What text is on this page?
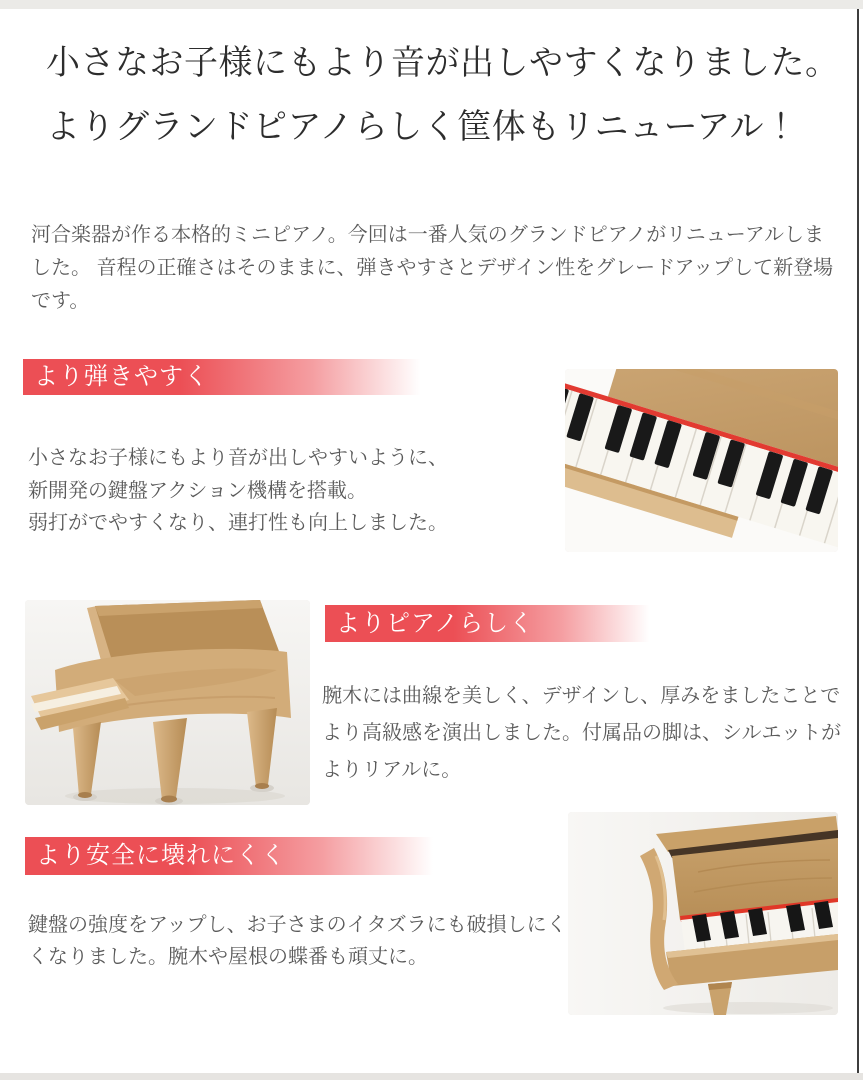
小さなお子様にもより音が出しやすくなりました。
よりグランドピアノらしく筐体もリニューアル！

河合楽器が作る本格的ミニピアノ。今回は一番人気のグランドピアノがリニューアルしました。 音程の正確さはそのままに、弾きやすさとデザイン性をグレードアップして新登場です。

より弾きやすく

小さなお子様にもより音が出しやすいように、
新開発の鍵盤アクション機構を搭載。
弱打がでやすくなり、連打性も向上しました。

よりピアノらしく

腕木には曲線を美しく、デザインし、厚みをましたことで
より高級感を演出しました。付属品の脚は、シルエットが
よりリアルに。

より安全に壊れにくく

鍵盤の強度をアップし、お子さまのイタズラにも破損しにく
くなりました。腕木や屋根の蝶番も頑丈に。
